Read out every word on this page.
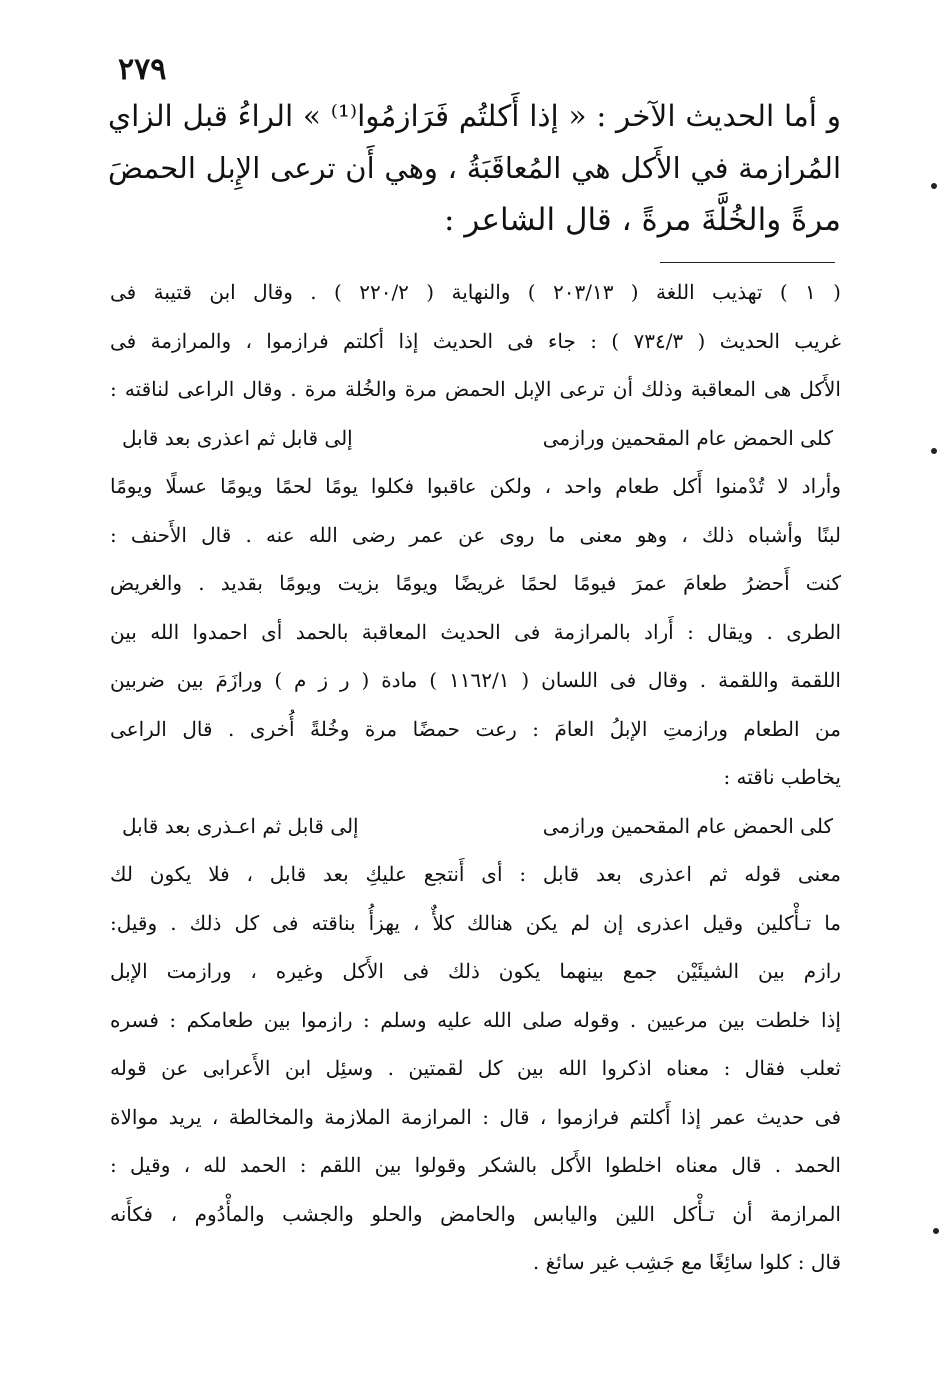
٢٧٩
و أما الحديث الآخر : « إذا أَكلتُم فَرَازمُوا⁽¹⁾ » الراءُ قبل الزاي
المُرازمة في الأَكل هي المُعاقَبَةُ ، وهي أَن ترعى الإِبل الحمضَ
مرةً والخُلَّةَ مرةً ، قال الشاعر :
( ١ ) تهذيب اللغة ( ٢٠٣/١٣ ) والنهاية ( ٢٢٠/٢ ) . وقال ابن قتيبة فى
غريب الحديث ( ٧٣٤/٣ ) : جاء فى الحديث إذا أكلتم فرازموا ، والمرازمة فى
الأَكل هى المعاقبة وذلك أن ترعى الإبل الحمض مرة والخُلة مرة . وقال الراعى لناقته :
كلى الحمض عام المقحمين ورازمى
إلى قابل ثم اعذرى بعد قابل
وأراد لا تُدْمنوا أَكل طعام واحد ، ولكن عاقبوا فكلوا يومًا لحمًا ويومًا عسلًا ويومًا
لبنًا وأشباه ذلك ، وهو معنى ما روى عن عمر رضى الله عنه . قال الأَحنف :
كنت أَحضرُ طعامَ عمرَ فيومًا لحمًا غريضًا ويومًا بزيت ويومًا بقديد . والغريض
الطرى . ويقال : أَراد بالمرازمة فى الحديث المعاقبة بالحمد أى احمدوا الله بين
اللقمة واللقمة . وقال فى اللسان ( ١١٦٢/١ ) مادة ( ر ز م ) ورازَمَ بين ضربين
من الطعام ورازمتِ الإبلُ العامَ : رعت حمضًا مرة وخُلةً أُخرى . قال الراعى
يخاطب ناقته :
كلى الحمض عام المقحمين ورازمى
إلى قابل ثم اعـذرى بعد قابل
معنى قوله ثم اعذرى بعد قابل : أى أَنتجع عليكِ بعد قابل ، فلا يكون لك
ما تـأْكلين وقيل اعذرى إن لم يكن هنالك كلأٌ ، يهزأُ بناقته فى كل ذلك . وقيل:
رازم بين الشيئَيْن جمع بينهما يكون ذلك فى الأَكل وغيره ، ورازمت الإبل
إذا خلطت بين مرعيين . وقوله صلى الله عليه وسلم : رازموا بين طعامكم : فسره
ثعلب فقال : معناه اذكروا الله بين كل لقمتين . وسئِل ابن الأَعرابى عن قوله
فى حديث عمر إذا أَكلتم فرازموا ، قال : المرازمة الملازمة والمخالطة ، يريد موالاة
الحمد . قال معناه اخلطوا الأَكل بالشكر وقولوا بين اللقم : الحمد لله ، وقيل :
المرازمة أن تـأْكل اللين واليابس والحامض والحلو والجشب والمأْدُوم ، فكأَنه
قال : كلوا سائِغًا مع جَشِب غير سائغ .
